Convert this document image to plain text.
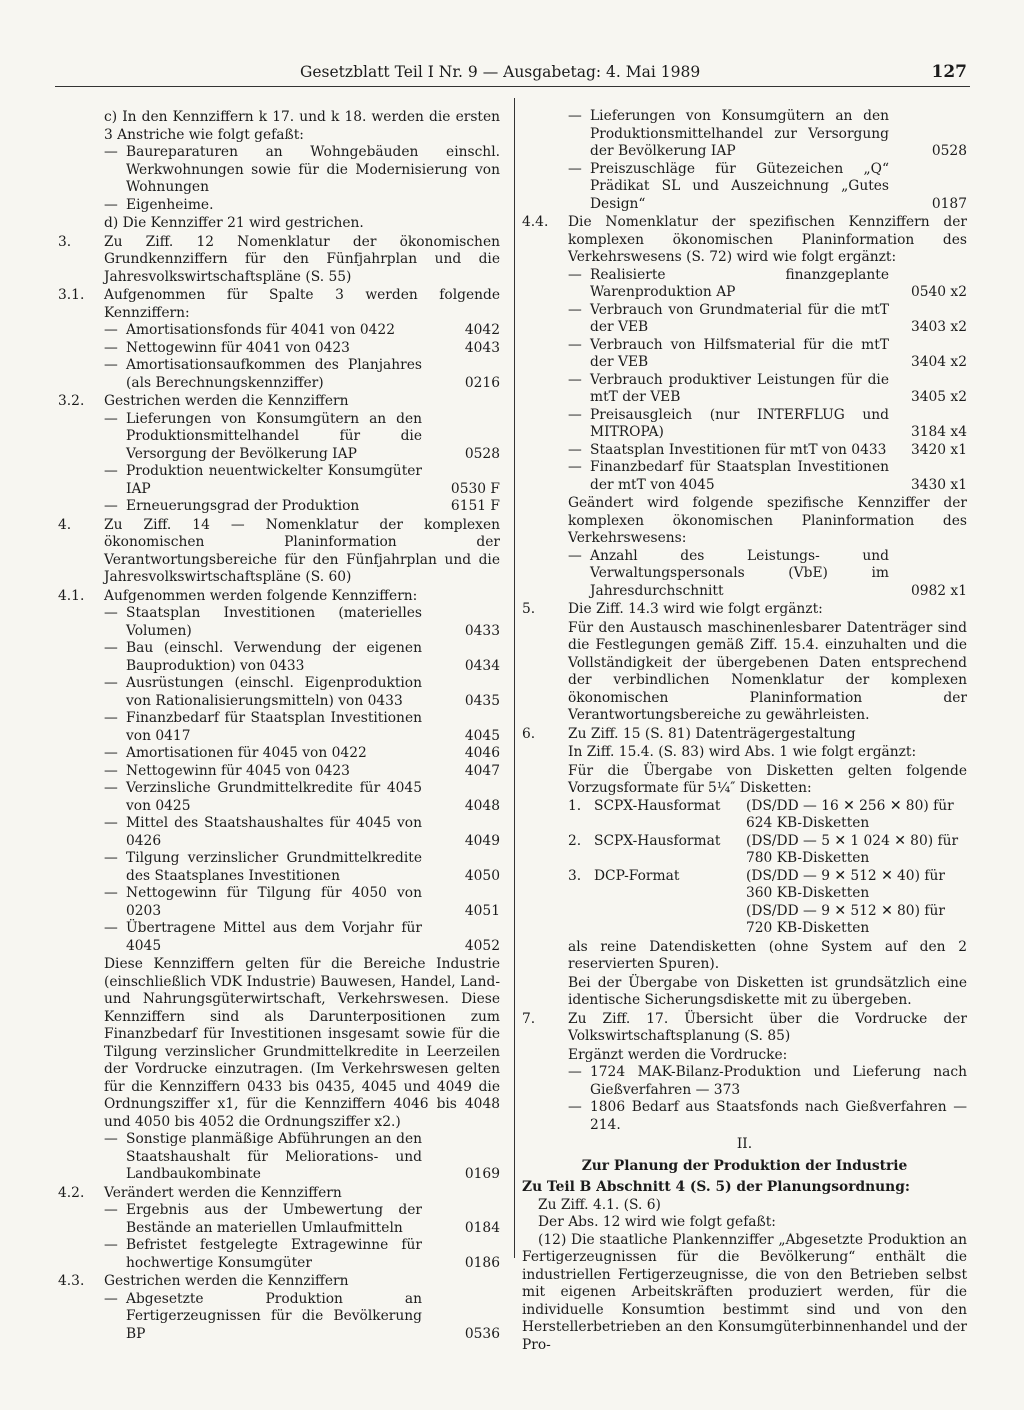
Gesetzblatt Teil I Nr. 9 — Ausgabetag: 4. Mai 1989	127
c) In den Kennziffern k 17. und k 18. werden die ersten 3 Anstriche wie folgt gefaßt:
— Baureparaturen an Wohngebäuden einschl. Werkwohnungen sowie für die Modernisierung von Wohnungen
— Eigenheime.
d) Die Kennziffer 21 wird gestrichen.
3. Zu Ziff. 12 Nomenklatur der ökonomischen Grundkennziffern für den Fünfjahrplan und die Jahresvolkswirtschaftspläne (S. 55)
3.1. Aufgenommen für Spalte 3 werden folgende Kennziffern:
— Amortisationsfonds für 4041 von 0422	4042
— Nettogewinn für 4041 von 0423	4043
— Amortisationsaufkommen des Planjahres (als Berechnungskennziffer)	0216
3.2. Gestrichen werden die Kennziffern
— Lieferungen von Konsumgütern an den Produktionsmittelhandel für die Versorgung der Bevölkerung IAP	0528
— Produktion neuentwickelter Konsumgüter IAP	0530 F
— Erneuerungsgrad der Produktion	6151 F
4. Zu Ziff. 14 — Nomenklatur der komplexen ökonomischen Planinformation der Verantwortungsbereiche für den Fünfjahrplan und die Jahresvolkswirtschaftspläne (S. 60)
4.1. Aufgenommen werden folgende Kennziffern:
— Staatsplan Investitionen (materielles Volumen)	0433
— Bau (einschl. Verwendung der eigenen Bauproduktion) von 0433	0434
— Ausrüstungen (einschl. Eigenproduktion von Rationalisierungsmitteln) von 0433	0435
— Finanzbedarf für Staatsplan Investitionen von 0417	4045
— Amortisationen für 4045 von 0422	4046
— Nettogewinn für 4045 von 0423	4047
— Verzinsliche Grundmittelkredite für 4045 von 0425	4048
— Mittel des Staatshaushaltes für 4045 von 0426	4049
— Tilgung verzinslicher Grundmittelkredite des Staatsplanes Investitionen	4050
— Nettogewinn für Tilgung für 4050 von 0203	4051
— Übertragene Mittel aus dem Vorjahr für 4045	4052
Diese Kennziffern gelten für die Bereiche Industrie (einschließlich VDK Industrie) Bauwesen, Handel, Land- und Nahrungsgüterwirtschaft, Verkehrswesen. Diese Kennziffern sind als Darunterpositionen zum Finanzbedarf für Investitionen insgesamt sowie für die Tilgung verzinslicher Grundmittelkredite in Leerzeilen der Vordrucke einzutragen. (Im Verkehrswesen gelten für die Kennziffern 0433 bis 0435, 4045 und 4049 die Ordnungsziffer x1, für die Kennziffern 4046 bis 4048 und 4050 bis 4052 die Ordnungsziffer x2.)
— Sonstige planmäßige Abführungen an den Staatshaushalt für Meliorations- und Landbaukombinate	0169
4.2. Verändert werden die Kennziffern
— Ergebnis aus der Umbewertung der Bestände an materiellen Umlaufmitteln	0184
— Befristet festgelegte Extragewinne für hochwertige Konsumgüter	0186
4.3. Gestrichen werden die Kennziffern
— Abgesetzte Produktion an Fertigerzeugnissen für die Bevölkerung BP	0536
— Lieferungen von Konsumgütern an den Produktionsmittelhandel zur Versorgung der Bevölkerung IAP	0528
— Preiszuschläge für Gütezeichen „Q“ Prädikat SL und Auszeichnung „Gutes Design“	0187
4.4. Die Nomenklatur der spezifischen Kennziffern der komplexen ökonomischen Planinformation des Verkehrswesens (S. 72) wird wie folgt ergänzt:
— Realisierte finanzgeplante Warenproduktion AP	0540 x2
— Verbrauch von Grundmaterial für die mtT der VEB	3403 x2
— Verbrauch von Hilfsmaterial für die mtT der VEB	3404 x2
— Verbrauch produktiver Leistungen für die mtT der VEB	3405 x2
— Preisausgleich (nur INTERFLUG und MITROPA)	3184 x4
— Staatsplan Investitionen für mtT von 0433	3420 x1
— Finanzbedarf für Staatsplan Investitionen der mtT von 4045	3430 x1
Geändert wird folgende spezifische Kennziffer der komplexen ökonomischen Planinformation des Verkehrswesens:
— Anzahl des Leistungs- und Verwaltungspersonals (VbE) im Jahresdurchschnitt	0982 x1
5. Die Ziff. 14.3 wird wie folgt ergänzt:
Für den Austausch maschinenlesbarer Datenträger sind die Festlegungen gemäß Ziff. 15.4. einzuhalten und die Vollständigkeit der übergebenen Daten entsprechend der verbindlichen Nomenklatur der komplexen ökonomischen Planinformation der Verantwortungsbereiche zu gewährleisten.
6. Zu Ziff. 15 (S. 81) Datenträgergestaltung
In Ziff. 15.4. (S. 83) wird Abs. 1 wie folgt ergänzt:
Für die Übergabe von Disketten gelten folgende Vorzugsformate für 5¼″ Disketten:
1. SCPX-Hausformat	(DS/DD — 16 ✕ 256 ✕ 80) für 624 KB-Disketten
2. SCPX-Hausformat	(DS/DD — 5 ✕ 1 024 ✕ 80) für 780 KB-Disketten
3. DCP-Format	(DS/DD — 9 ✕ 512 ✕ 40) für 360 KB-Disketten
(DS/DD — 9 ✕ 512 ✕ 80) für 720 KB-Disketten
als reine Datendisketten (ohne System auf den 2 reservierten Spuren).
Bei der Übergabe von Disketten ist grundsätzlich eine identische Sicherungsdiskette mit zu übergeben.
7. Zu Ziff. 17. Übersicht über die Vordrucke der Volkswirtschaftsplanung (S. 85)
Ergänzt werden die Vordrucke:
— 1724 MAK-Bilanz-Produktion und Lieferung nach Gießverfahren — 373
— 1806 Bedarf aus Staatsfonds nach Gießverfahren — 214.
II.
Zur Planung der Produktion der Industrie
Zu Teil B Abschnitt 4 (S. 5) der Planungsordnung:
Zu Ziff. 4.1. (S. 6)
Der Abs. 12 wird wie folgt gefaßt:
(12) Die staatliche Plankennziffer „Abgesetzte Produktion an Fertigerzeugnissen für die Bevölkerung“ enthält die industriellen Fertigerzeugnisse, die von den Betrieben selbst mit eigenen Arbeitskräften produziert werden, für die individuelle Konsumtion bestimmt sind und von den Herstellerbetrieben an den Konsumgüterbinnenhandel und der Pro-
